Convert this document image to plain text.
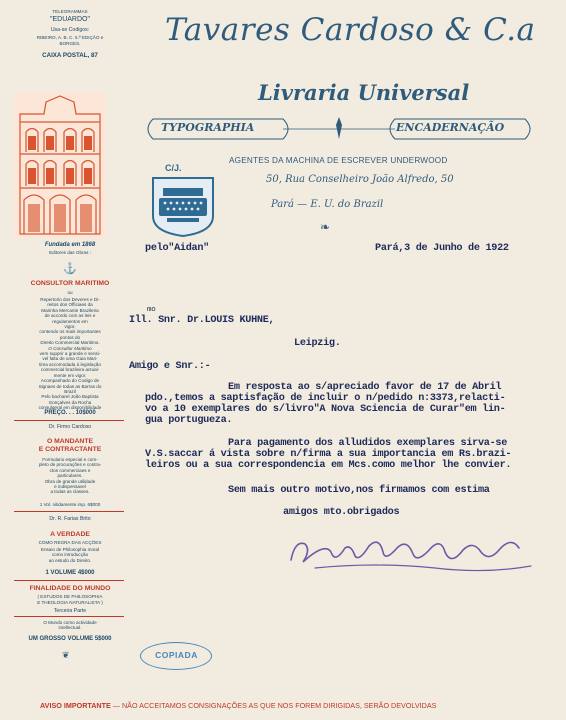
TELEGRAMMAS
"EDUARDO"
Usa-se Codigos:
RIBEIRO, A. B. C. 5.ª EDIÇÃO e
BORGES.
CAIXA POSTAL, 87
Fundada em 1868
Editores das Obras :
⚓
CONSULTOR MARITIMO
ou
Repertorio dos Deveres e Di-
reitos dos Officiaes da
Marinha Mercante Brazileira
de accordo com as leis e
regulamentos em
vigor,
contendo os mais importantes
pontos do
Direito Commercial Maritimo.
O Consultor Maritimo
vem supprir a grande e sensi-
vel falta de uma Guia Mari-
tima accomodada á legislação
commercial brazileira actual-
mente em vigor.
Acompanhado do Codigo de
Signaes de todas as Barras do
Brazil
Pelo bacharel João Baptista
Gonçalves da Rocha
consulgeral em disponibilidade
PREÇO. . . 10$000
Dr. Firmo Cardoso
O MANDANTE
E CONTRACTANTE
Formulario especial e com-
pleto de procurações e contra-
ctos commerciaes e
particulares.
Obra de grande utilidade
e indispensavel
a todas as classes.
1 Vol. nitidamente imp. 6$000
Dr. R. Farias Brito
A VERDADE
COMO REGRA DAS ACÇÕES
Ensaio de Philosophia moral
como introducção
ao estudo do Direito.
1 VOLUME 4$000
FINALIDADE DO MUNDO
( ESTUDOS DE PHILOSOPHIA
E THEOLOGIA NATURALISTA )
Terceira Parte
O Mundo como actividade
intellectual.
UM GROSSO VOLUME 5$000
❦
Tavares Cardoso & C.a
Livraria Universal
TYPOGRAPHIA	ENCADERNAÇÃO
C/J.
AGENTES DA MACHINA DE ESCREVER UNDERWOOD
50, Rua Conselheiro João Alfredo, 50
Pará — E. U. do Brazil
❧
pelo"Aidan"	Pará,3 de Junho de 1922
mo
Ill. Snr. Dr.LOUIS KUHNE,
Leipzig.
Amigo e Snr.:-
Em resposta ao s/apreciado favor de 17 de Abril
pdo.,temos a saptisfação de incluir o n/pedido n:3373,relacti-
vo a 10 exemplares do s/livro"A Nova Sciencia de Curar"em lin-
gua portugueza.
Para pagamento dos alludidos exemplares sirva-se
V.S.saccar á vista sobre n/firma a sua importancia em Rs.brazi-
leiros ou a sua correspondencia em Mcs.como melhor lhe convier.
Sem mais outro motivo,nos firmamos com estima
amigos mto.obrigados
COPIADA
AVISO IMPORTANTE — NÃO ACCEITAMOS CONSIGNAÇÕES AS QUE NOS FOREM DIRIGIDAS, SERÃO DEVOLVIDAS
